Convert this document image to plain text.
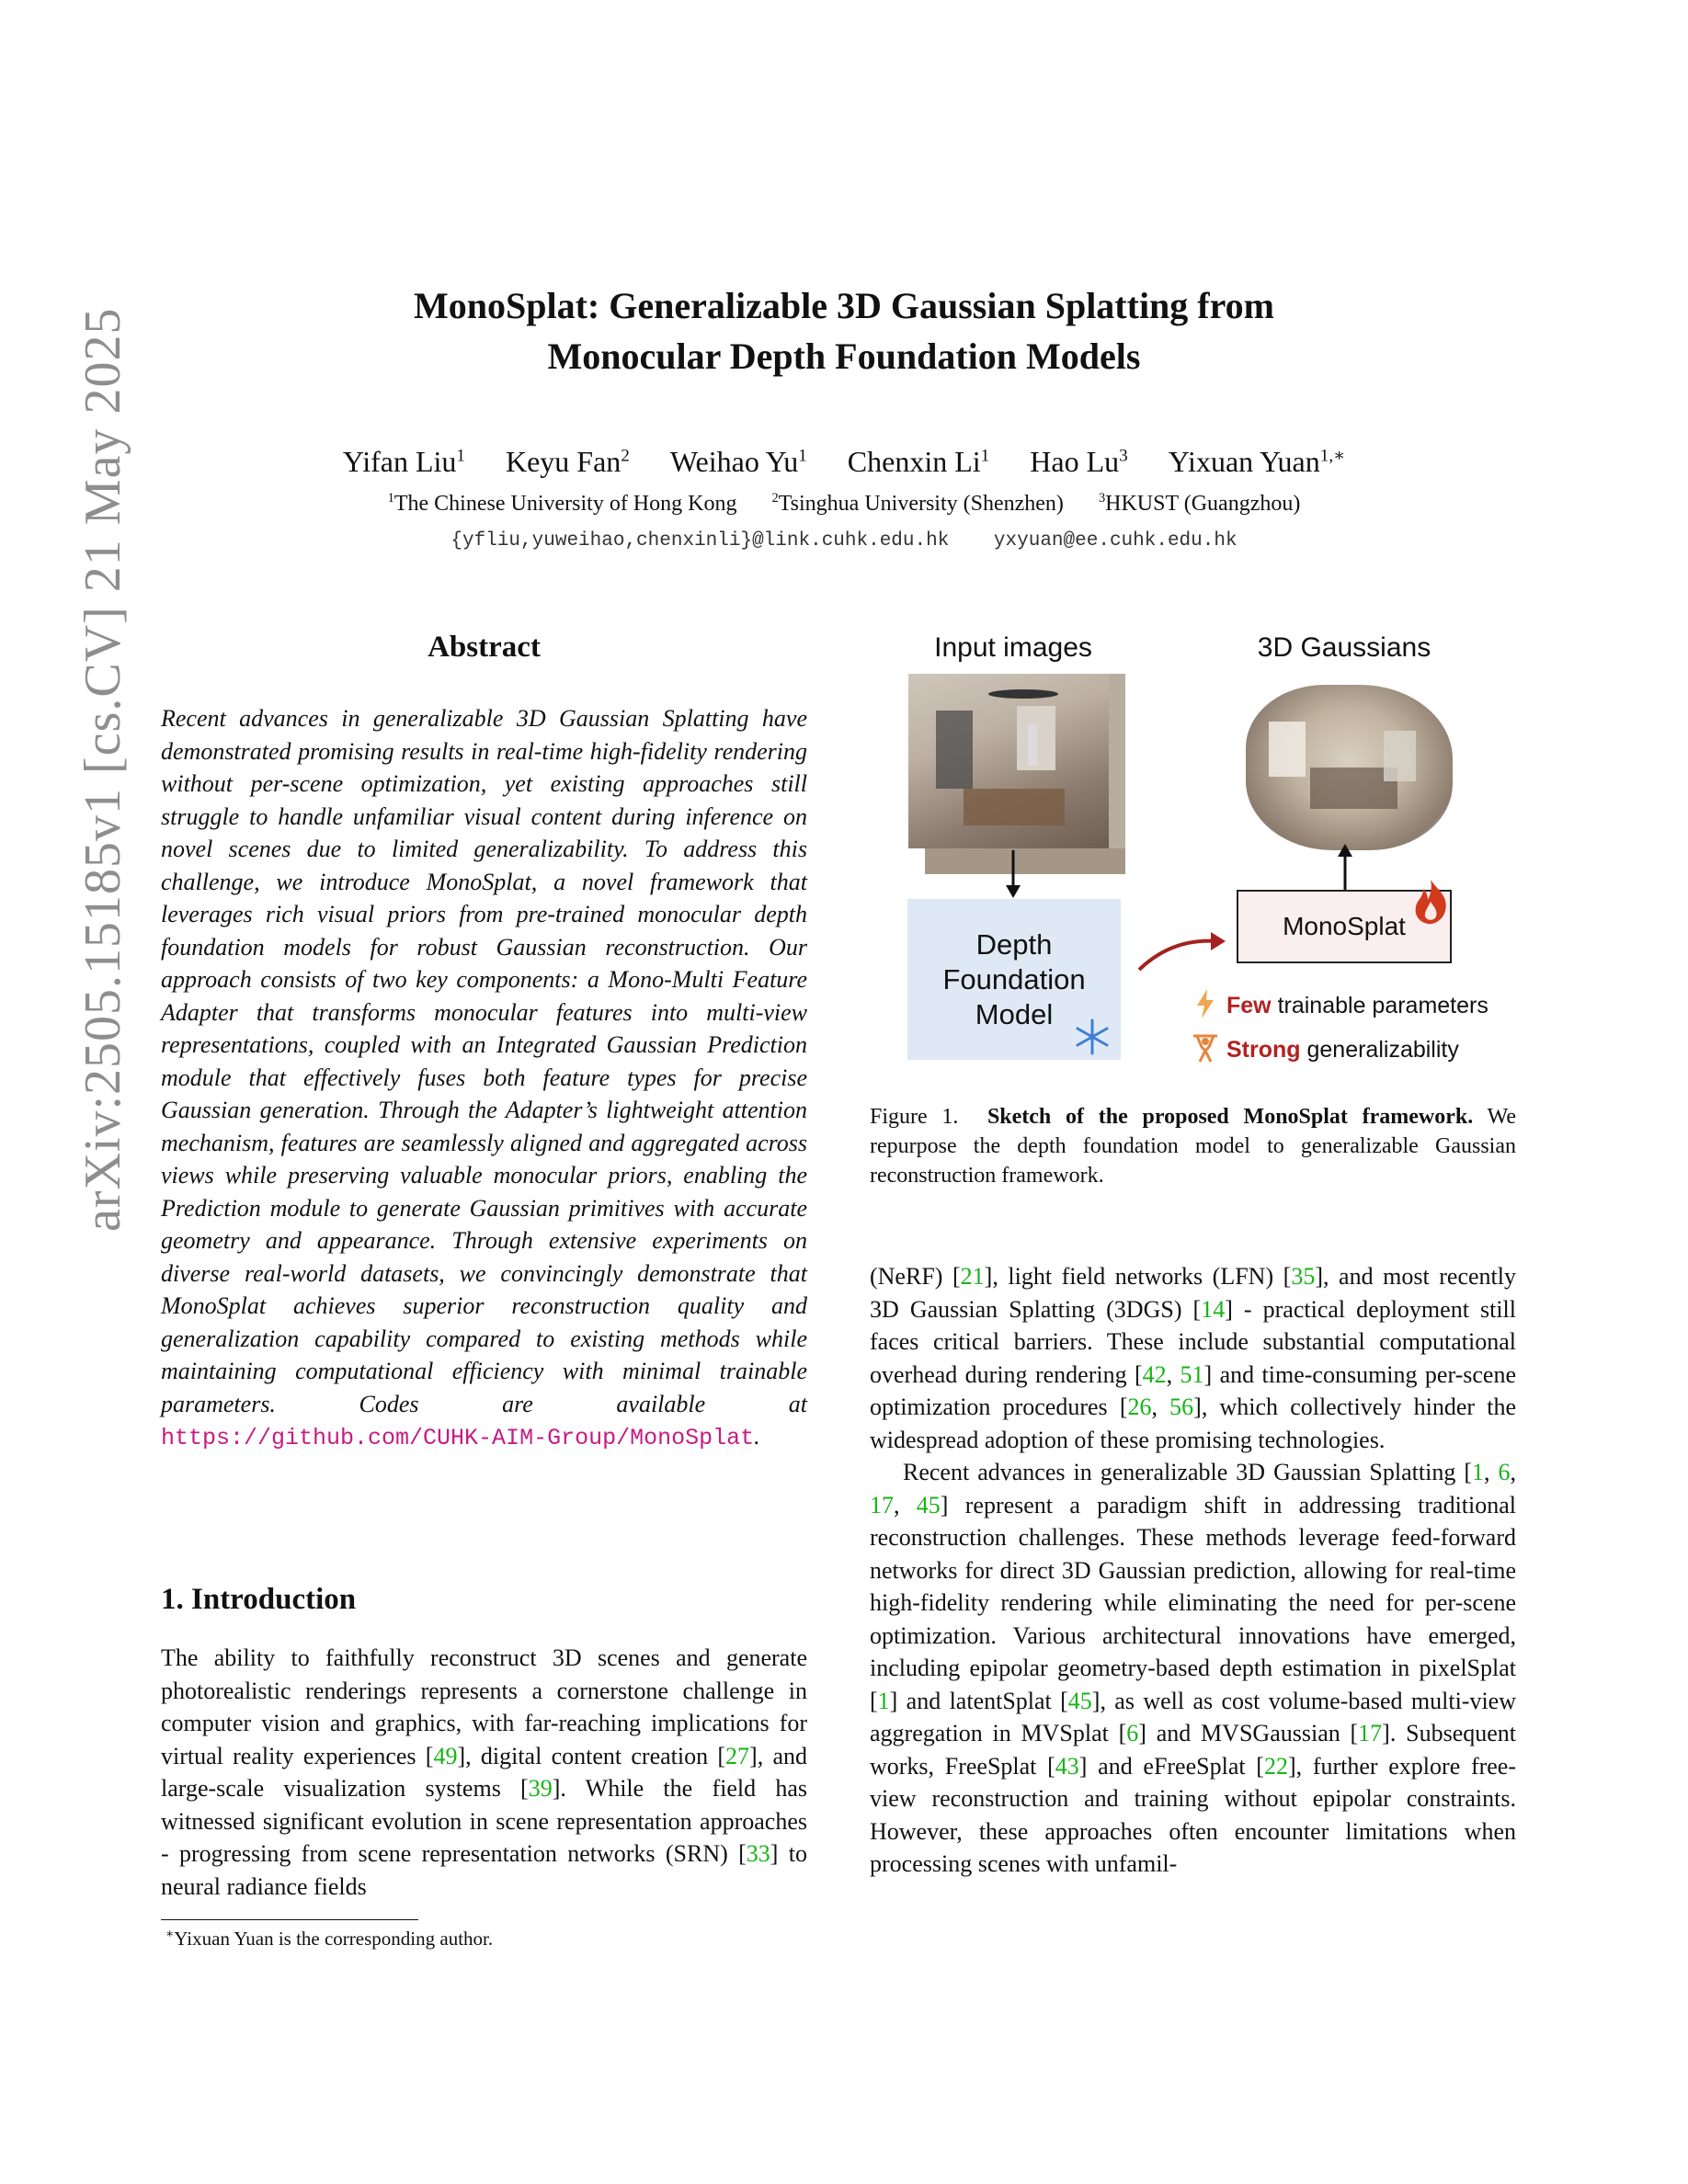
arXiv:2505.15185v1 [cs.CV] 21 May 2025
MonoSplat: Generalizable 3D Gaussian Splatting from
Monocular Depth Foundation Models
Yifan Liu$^1$ Keyu Fan$^2$ Weihao Yu$^1$ Chenxin Li$^1$ Hao Lu$^3$ Yixuan Yuan$^{1,∗}$
$^1$The Chinese University of Hong Kong	$^2$Tsinghua University (Shenzhen)	$^3$HKUST (Guangzhou)
{yfliu,yuweihao,chenxinli}@link.cuhk.edu.hk yxyuan@ee.cuhk.edu.hk
Abstract
Recent advances in generalizable 3D Gaussian Splatting have demonstrated promising results in real-time high-fidelity rendering without per-scene optimization, yet existing approaches still struggle to handle unfamiliar visual content during inference on novel scenes due to limited generalizability. To address this challenge, we introduce MonoSplat, a novel framework that leverages rich visual priors from pre-trained monocular depth foundation models for robust Gaussian reconstruction. Our approach consists of two key components: a Mono-Multi Feature Adapter that transforms monocular features into multi-view representations, coupled with an Integrated Gaussian Prediction module that effectively fuses both feature types for precise Gaussian generation. Through the Adapter’s lightweight attention mechanism, features are seamlessly aligned and aggregated across views while preserving valuable monocular priors, enabling the Prediction module to generate Gaussian primitives with accurate geometry and appearance. Through extensive experiments on diverse real-world datasets, we convincingly demonstrate that MonoSplat achieves superior reconstruction quality and generalization capability compared to existing methods while maintaining computational efficiency with minimal trainable parameters. Codes are available at https://github.com/CUHK-AIM-Group/MonoSplat.
1. Introduction
The ability to faithfully reconstruct 3D scenes and generate photorealistic renderings represents a cornerstone challenge in computer vision and graphics, with far-reaching implications for virtual reality experiences [49], digital content creation [27], and large-scale visualization systems [39]. While the field has witnessed significant evolution in scene representation approaches - progressing from scene representation networks (SRN) [33] to neural radiance fields
∗Yixuan Yuan is the corresponding author.
Input images	3D Gaussians
Depth Foundation Model
MonoSplat
Few trainable parameters
Strong generalizability
Figure 1. Sketch of the proposed MonoSplat framework. We repurpose the depth foundation model to generalizable Gaussian reconstruction framework.

(NeRF) [21], light field networks (LFN) [35], and most recently 3D Gaussian Splatting (3DGS) [14] - practical deployment still faces critical barriers. These include substantial computational overhead during rendering [42, 51] and time-consuming per-scene optimization procedures [26, 56], which collectively hinder the widespread adoption of these promising technologies.

Recent advances in generalizable 3D Gaussian Splatting [1, 6, 17, 45] represent a paradigm shift in addressing traditional reconstruction challenges. These methods leverage feed-forward networks for direct 3D Gaussian prediction, allowing for real-time high-fidelity rendering while eliminating the need for per-scene optimization. Various architectural innovations have emerged, including epipolar geometry-based depth estimation in pixelSplat [1] and latentSplat [45], as well as cost volume-based multi-view aggregation in MVSplat [6] and MVSGaussian [17]. Subsequent works, FreeSplat [43] and eFreeSplat [22], further explore free-view reconstruction and training without epipolar constraints. However, these approaches often encounter limitations when processing scenes with unfamil-
